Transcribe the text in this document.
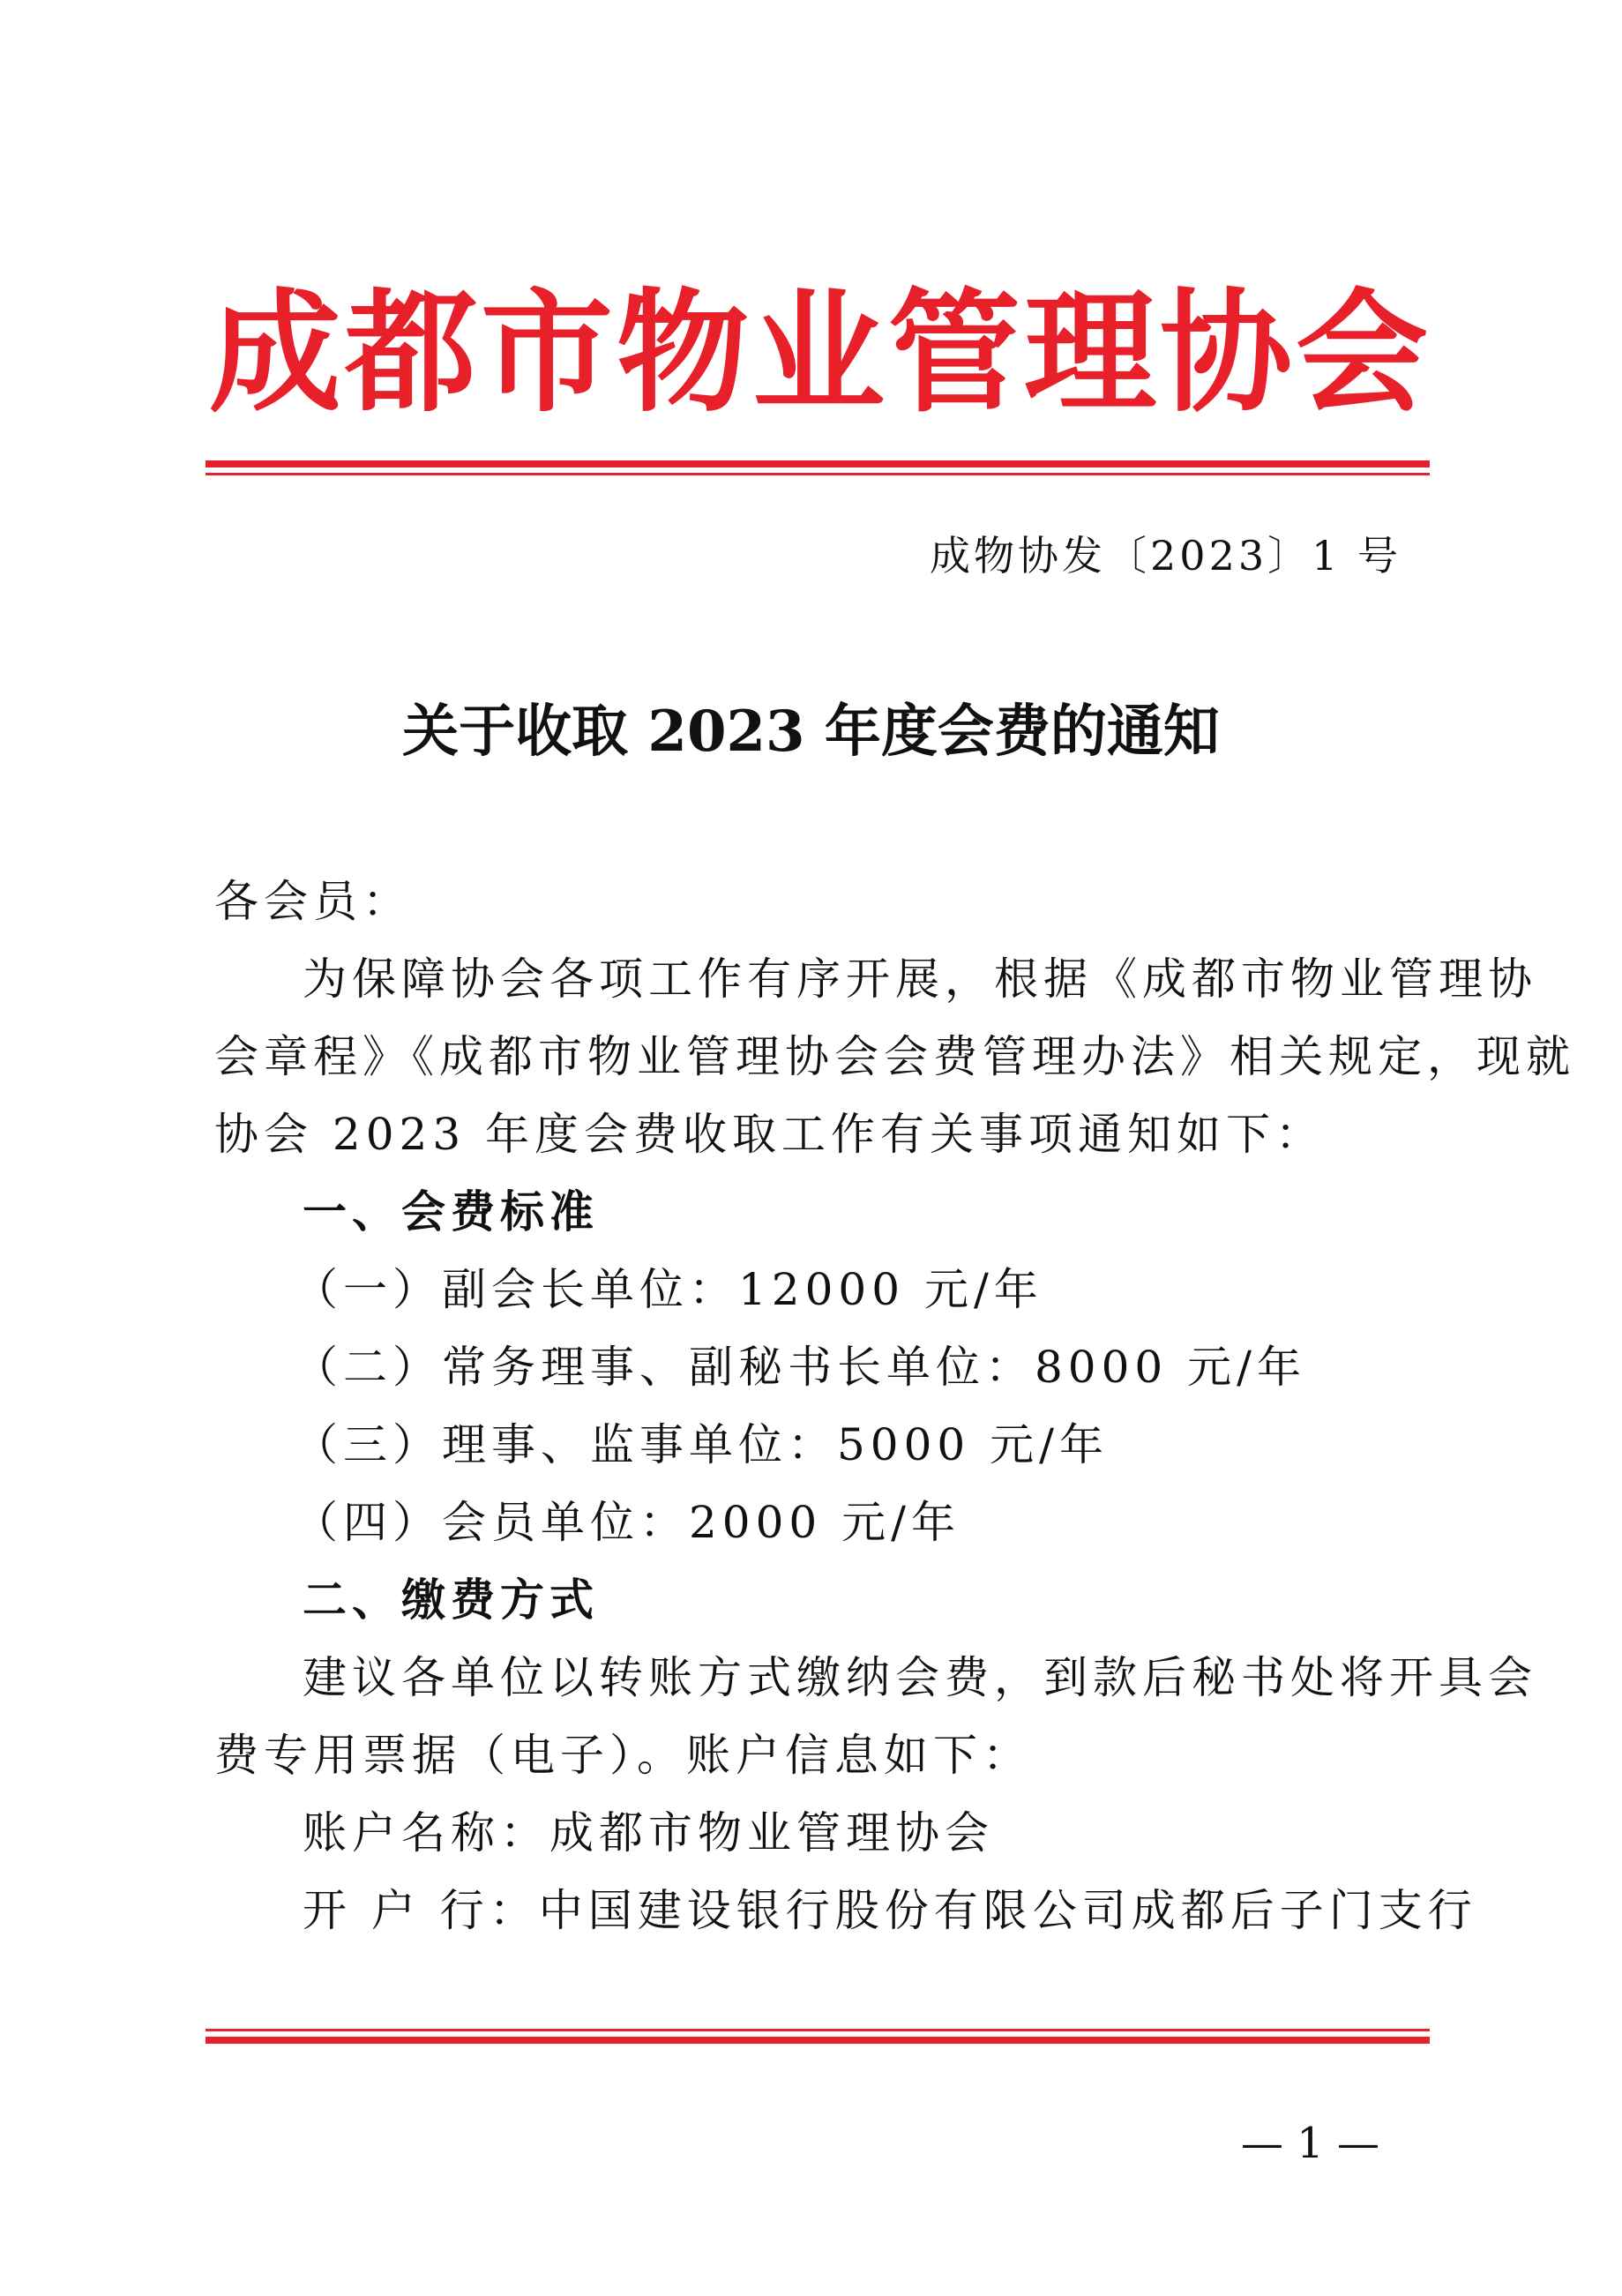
成都市物业管理协会
成物协发〔2023〕1 号
关于收取 2023 年度会费的通知
各会员：
为保障协会各项工作有序开展，根据《成都市物业管理协
会章程》《成都市物业管理协会会费管理办法》相关规定，现就
协会 2023 年度会费收取工作有关事项通知如下：
一、会费标准
（一）副会长单位：12000 元/年
（二）常务理事、副秘书长单位：8000 元/年
（三）理事、监事单位：5000 元/年
（四）会员单位：2000 元/年
二、缴费方式
建议各单位以转账方式缴纳会费，到款后秘书处将开具会
费专用票据（电子）。账户信息如下：
账户名称：成都市物业管理协会
开 户 行：中国建设银行股份有限公司成都后子门支行
— 1 —
